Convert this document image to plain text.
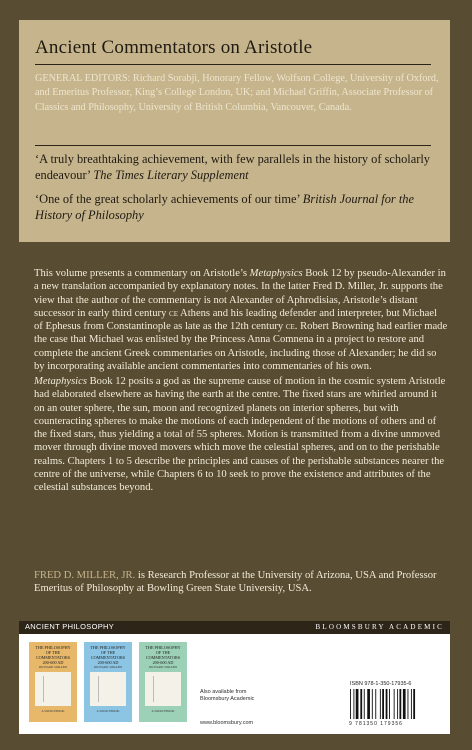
Ancient Commentators on Aristotle
GENERAL EDITORS: Richard Sorabji, Honorary Fellow, Wolfson College, University of Oxford, and Emeritus Professor, King’s College London, UK; and Michael Griffin, Associate Professor of Classics and Philosophy, University of British Columbia, Vancouver, Canada.
‘A truly breathtaking achievement, with few parallels in the history of scholarly endeavour’ The Times Literary Supplement
‘One of the great scholarly achievements of our time’ British Journal for the History of Philosophy

This volume presents a commentary on Aristotle’s Metaphysics Book 12 by pseudo-Alexander in a new translation accompanied by explanatory notes. In the latter Fred D. Miller, Jr. supports the view that the author of the commentary is not Alexander of Aphrodisias, Aristotle’s distant successor in early third century ce Athens and his leading defender and interpreter, but Michael of Ephesus from Constantinople as late as the 12th century ce. Robert Browning had earlier made the case that Michael was enlisted by the Princess Anna Comnena in a project to restore and complete the ancient Greek commentaries on Aristotle, including those of Alexander; he did so by incorporating available ancient commentaries into commentaries of his own.

Metaphysics Book 12 posits a god as the supreme cause of motion in the cosmic system Aristotle had elaborated elsewhere as having the earth at the centre. The fixed stars are whirled around it on an outer sphere, the sun, moon and recognized planets on interior spheres, but with counteracting spheres to make the motions of each independent of the motions of others and of the fixed stars, thus yielding a total of 55 spheres. Motion is transmitted from a divine unmoved mover through divine moved movers which move the celestial spheres, and on to the perishable realms. Chapters 1 to 5 describe the principles and causes of the perishable substances nearer the centre of the universe, while Chapters 6 to 10 seek to prove the existence and attributes of the celestial substances beyond.

FRED D. MILLER, JR. is Research Professor at the University of Arizona, USA and Professor Emeritus of Philosophy at Bowling Green State University, USA.
ANCIENT PHILOSOPHY	BLOOMSBURY ACADEMIC
THE PHILOSOPHY OF THE COMMENTATORS 200-600 AD
RICHARD SORABJI
A SOURCEBOOK
THE PHILOSOPHY OF THE COMMENTATORS 200-600 AD
RICHARD SORABJI
A SOURCEBOOK
THE PHILOSOPHY OF THE COMMENTATORS 200-600 AD
RICHARD SORABJI
A SOURCEBOOK
Also available from
Bloomsbury Academic
www.bloomsbury.com
ISBN 978-1-350-17935-6
9 781350 179356
